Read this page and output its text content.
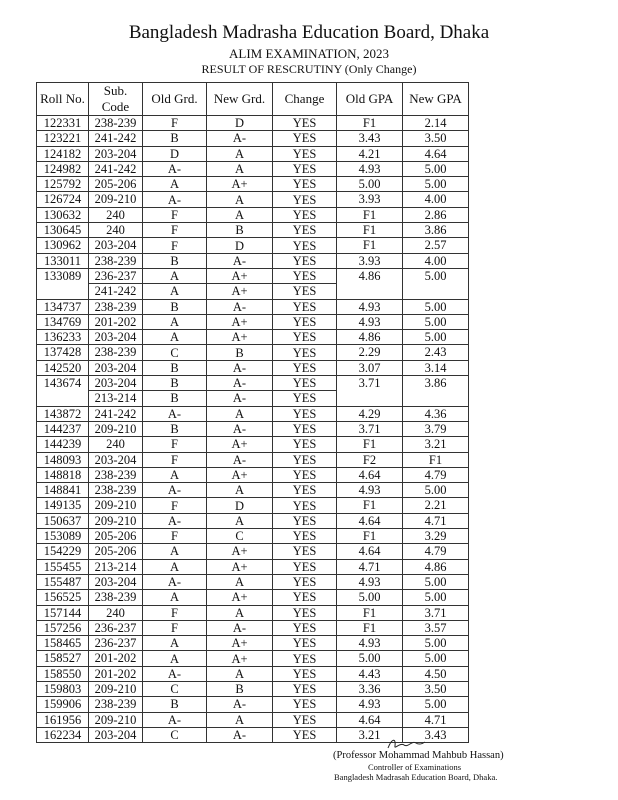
Bangladesh Madrasha Education Board, Dhaka
ALIM EXAMINATION, 2023
RESULT OF RESCRUTINY (Only Change)
Roll No.	Sub. Code	Old Grd.	New Grd.	Change	Old GPA	New GPA
122331	238-239	F	D	YES	F1	2.14
123221	241-242	B	A-	YES	3.43	3.50
124182	203-204	D	A	YES	4.21	4.64
124982	241-242	A-	A	YES	4.93	5.00
125792	205-206	A	A+	YES	5.00	5.00
126724	209-210	A-	A	YES	3.93	4.00
130632	240	F	A	YES	F1	2.86
130645	240	F	B	YES	F1	3.86
130962	203-204	F	D	YES	F1	2.57
133011	238-239	B	A-	YES	3.93	4.00
133089	236-237	A	A+	YES	4.86	5.00
	241-242	A	A+	YES		
134737	238-239	B	A-	YES	4.93	5.00
134769	201-202	A	A+	YES	4.93	5.00
136233	203-204	A	A+	YES	4.86	5.00
137428	238-239	C	B	YES	2.29	2.43
142520	203-204	B	A-	YES	3.07	3.14
143674	203-204	B	A-	YES	3.71	3.86
	213-214	B	A-	YES		
143872	241-242	A-	A	YES	4.29	4.36
144237	209-210	B	A-	YES	3.71	3.79
144239	240	F	A+	YES	F1	3.21
148093	203-204	F	A-	YES	F2	F1
148818	238-239	A	A+	YES	4.64	4.79
148841	238-239	A-	A	YES	4.93	5.00
149135	209-210	F	D	YES	F1	2.21
150637	209-210	A-	A	YES	4.64	4.71
153089	205-206	F	C	YES	F1	3.29
154229	205-206	A	A+	YES	4.64	4.79
155455	213-214	A	A+	YES	4.71	4.86
155487	203-204	A-	A	YES	4.93	5.00
156525	238-239	A	A+	YES	5.00	5.00
157144	240	F	A	YES	F1	3.71
157256	236-237	F	A-	YES	F1	3.57
158465	236-237	A	A+	YES	4.93	5.00
158527	201-202	A	A+	YES	5.00	5.00
158550	201-202	A-	A	YES	4.43	4.50
159803	209-210	C	B	YES	3.36	3.50
159906	238-239	B	A-	YES	4.93	5.00
161956	209-210	A-	A	YES	4.64	4.71
162234	203-204	C	A-	YES	3.21	3.43
(Professor Mohammad Mahbub Hassan)
Controller of Examinations
Bangladesh Madrasah Education Board, Dhaka.
